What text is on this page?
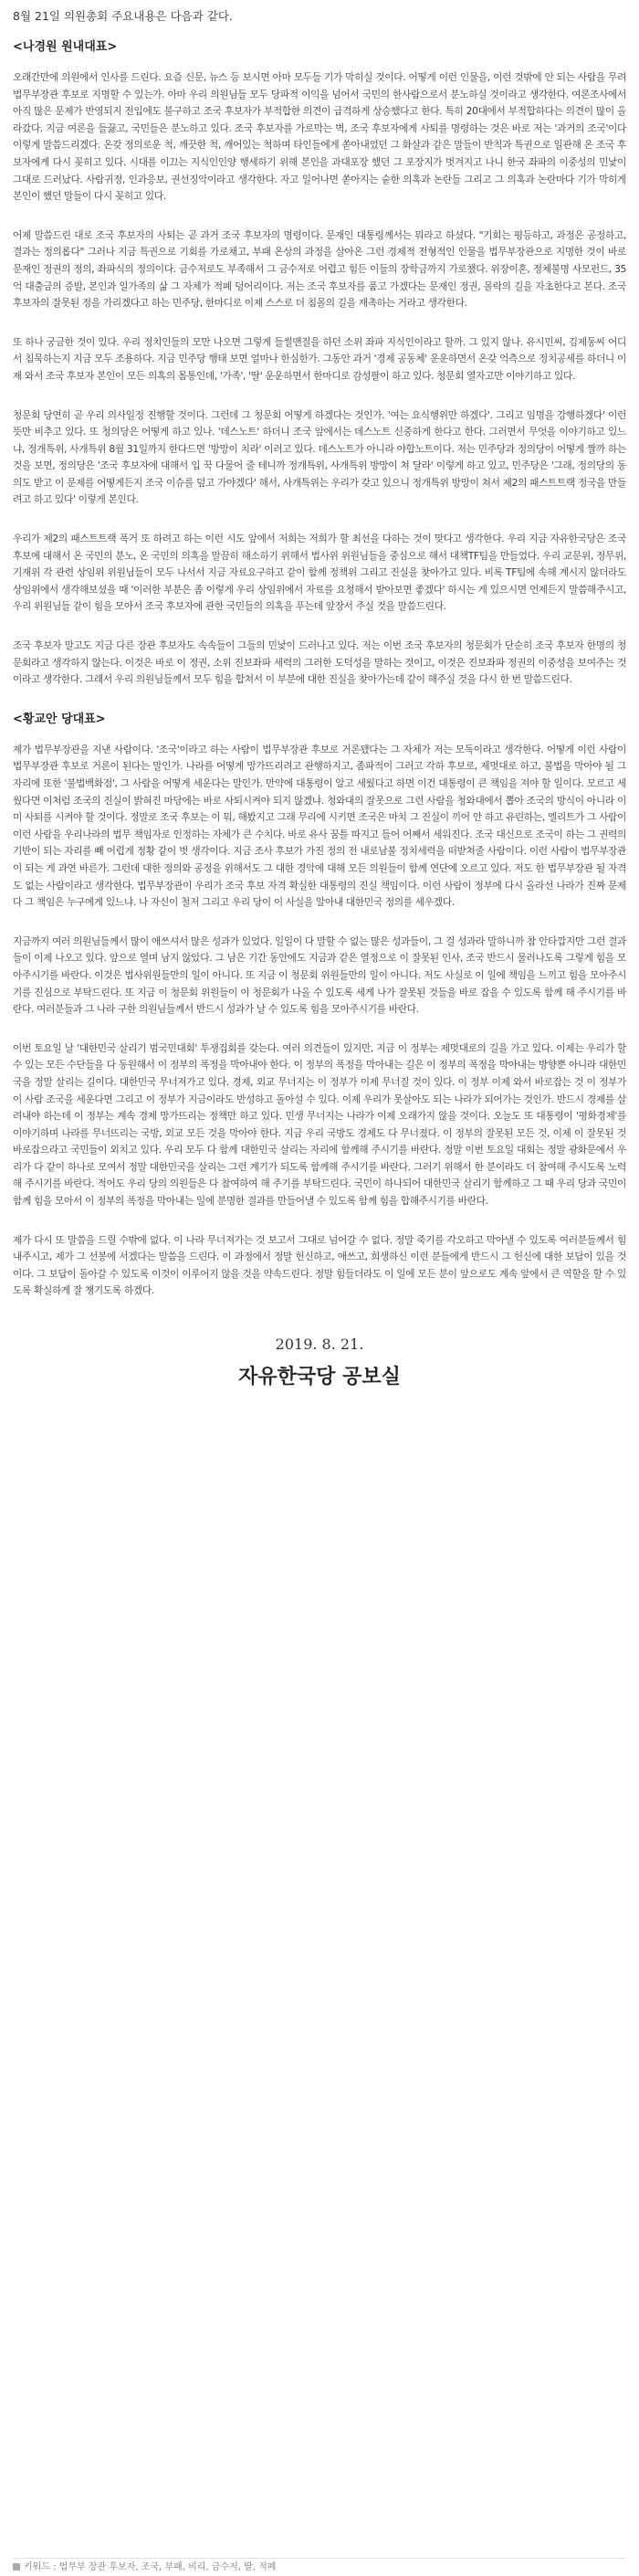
8월 21일 의원총회 주요내용은 다음과 같다.

<나경원 원내대표>

오래간만에 의원에서 인사를 드린다. 요즘 신문, 뉴스 등 보시면 아마 모두들 기가 막히실 것이다. 어떻게 이런 인물을, 이런 것밖에 안 되는 사람을 무려 법무부장관 후보로 지명할 수 있는가. 아마 우리 의원님들 모두 당파적 이익을 넘어서 국민의 한사람으로서 분노하실 것이라고 생각한다. 여론조사에서 아직 많은 문제가 반영되지 전입에도 불구하고 조국 후보자가 부적합한 의견이 급격하게 상승했다고 한다. 특히 20대에서 부적합하다는 의견이 많이 올라갔다. 지금 여론을 들끓고, 국민들은 분노하고 있다. 조국 후보자를 가로막는 벽, 조국 후보자에게 사퇴를 명령하는 것은 바로 저는 '과거의 조국'이다 이렇게 말씀드리겠다. 온갖 정의로운 척, 깨끗한 척, 깨어있는 척하며 타인들에게 쏟아내었던 그 화살과 같은 말들이 반칙과 특권으로 일관해 온 조국 후보자에게 다시 꽂히고 있다. 시대를 이끄는 지식인인양 행세하기 위해 본인을 과대포장 했던 그 포장지가 벗겨지고 나니 한국 좌파의 이중성의 민낯이 그대로 드러났다. 사람귀정, 인과응보, 권선징악이라고 생각한다. 자고 일어나면 쏟아지는 숱한 의혹과 논란들 그리고 그 의혹과 논란마다 기가 막히게 본인이 했던 말들이 다시 꽂히고 있다.

어제 말씀드린 대로 조국 후보자의 사퇴는 곧 과거 조국 후보자의 명령이다. 문재인 대통령께서는 뭐라고 하셨다. "기회는 평등하고, 과정은 공정하고, 결과는 정의롭다" 그러나 지금 특권으로 기회를 가로채고, 부패 온상의 과정을 살아온 그런 경제적 전형적인 인물을 법무부장관으로 지명한 것이 바로 문재인 정권의 정의, 좌파식의 정의이다. 금수저로도 부족해서 그 금수저로 어렵고 힘든 이들의 장학금까지 가로챘다. 위장이혼, 정체불명 사모펀드, 35억 대출금의 증발, 본인과 일가족의 삶 그 자체가 적폐 덩어리이다. 저는 조국 후보자를 품고 가겠다는 문재인 정권, 몰락의 길을 자초한다고 본다. 조국 후보자의 잘못된 정을 가리겠다고 하는 민주당, 한마디로 이제 스스로 더 침몰의 길을 재촉하는 거라고 생각한다.

또 하나 궁금한 것이 있다. 우리 정치인들의 모만 나오면 그렇게 들썰맨질을 하던 소위 좌파 지식인이라고 할까. 그 있지 않나. 유시민씨, 김제동씨 어디서 침묵하는지 지금 모두 조용하다. 지금 민주당 행태 보면 얼마나 한심한가. 그동안 과거 '경제 공동체' 운운하면서 온갖 억측으로 정치공세를 하더니 이제 와서 조국 후보자 본인이 모든 의혹의 몸통인데, '가족', '딸' 운운하면서 한마디로 감성팔이 하고 있다. 청문회 열자고만 이야기하고 있다.

청문회 당연히 곧 우리 의사일정 진행할 것이다. 그런데 그 청문회 어떻게 하겠다는 것인가. '여는 요식행위만 하겠다'. 그리고 임명을 강행하겠다' 이런 뜻만 비추고 있다. 또 청의당은 어떻게 하고 있나. '데스노트' 하더니 조국 앞에서는 데스노트 신중하게 한다고 한다. 그러면서 무엇을 이야기하고 있느냐, 정개특위, 사개특위 8월 31일까지 한다드면 '방망이 치라' 이러고 있다. 데스노트가 아니라 야합노트이다. 저는 민주당과 정의당이 어떻게 짤까 하는 것을 보면, 정의당은 '조국 후보자에 대해서 입 꾹 다물어 줄 테니까 정개특위, 사개특위 방망이 쳐 달라' 이렇게 하고 있고, 민주당은 '그래, 정의당의 동의도 받고 이 문제를 어떻게든지 조국 이슈를 덮고 가야겠다' 해서, 사개특위는 우리가 갖고 있으니 정개특위 방망이 쳐서 제2의 패스트트랙 정국을 만들려고 하고 있다' 이렇게 본인다.

우리가 제2의 패스트트랙 폭거 또 하려고 하는 이런 시도 앞에서 저희는 저희가 할 최선을 다하는 것이 맞다고 생각한다. 우리 지금 자유한국당은 조국 후보에 대해서 온 국민의 분노, 온 국민의 의혹을 말끔히 해소하기 위해서 법사위 위원님들을 중심으로 해서 대책TF팀을 만들었다. 우리 교문위, 정무위, 기재위 각 관련 상임위 위원님들이 모두 나서서 지금 자료요구하고 같이 함께 정책위 그리고 진실을 찾아가고 있다. 비록 TF팀에 속해 계시지 않더라도 상임위에서 생각해보셨을 때 '이러한 부분은 좀 이렇게 우리 상임위에서 자료를 요청해서 받아보면 좋겠다' 하시는 게 있으시면 언제든지 말씀해주시고, 우리 위원님들 같이 힘을 모아서 조국 후보자에 관한 국민들의 의혹을 푸는데 앞장서 주실 것을 말씀드린다.

조국 후보자 말고도 지금 다른 장관 후보자도 속속들이 그들의 민낯이 드러나고 있다. 저는 이번 조국 후보자의 청문회가 단순히 조국 후보자 한명의 청문회라고 생각하지 않는다. 이것은 바로 이 정권, 소위 진보좌파 세력의 그러한 도덕성을 말하는 것이고, 이것은 진보좌파 정권의 이중성을 보여주는 것이라고 생각한다. 그래서 우리 의원님들께서 모두 힘을 합쳐서 이 부분에 대한 진실을 찾아가는데 같이 해주실 것을 다시 한 번 말씀드린다.

<황교안 당대표>

제가 법무부장관을 지낸 사람이다. '조국'이라고 하는 사람이 법무부장관 후보로 거론됐다는 그 자체가 저는 모독이라고 생각한다. 어떻게 이런 사람이 법무부장관 후보로 거론이 된다는 말인가. 나라를 어떻게 망가뜨리려고 관행하지고, 좀파적이 그러고 각하 후보로, 제멋대로 하고, 불법을 막아야 될 그 자리에 또한 '불법백화점', 그 사람을 어떻게 세운다는 말인가. 만약에 대통령이 알고 세웠다고 하면 이건 대통령이 큰 책임을 져야 할 일이다. 모르고 세웠다면 이처럼 조국의 진실이 밝혀진 마당에는 바로 사퇴시켜야 되지 않겠냐. 청와대의 잘못으로 그런 사람을 청와대에서 뽑아 조국의 방식이 아니라 이미 사퇴를 시켜야 할 것이다. 정말로 조국 후보는 이 뭐, 해봤지고 그래 무리에 시키면 조국은 마치 그 진실이 끼어 안 하고 유린하는, 엘리트가 그 사람이 이런 사람을 우리나라의 법무 책임자로 인정하는 자체가 큰 수치다. 바로 유사 꿈틀 따지고 들어 어째서 세워진다. 조국 대신으로 조국이 하는 그 권력의 기반이 되는 자리를 빼 어렵게 정황 같이 벗 생각이다. 지금 조사 후보가 가진 정의 전 내로남불 정치세력을 떠받쳐줄 사람이다. 이런 사람이 법무부장관이 되는 게 과연 바른가. 그런데 대한 정의와 공정을 위해서도 그 대한 경악에 대해 모든 의원들이 함께 연단에 오르고 있다. 저도 한 법무부장관 될 자격도 없는 사람이라고 생각한다. 법무부장관이 우리가 조국 후보 자격 확실한 대통령의 진실 책임이다. 이런 사람이 정부에 다시 올라선 나라가 진짜 문제다 그 책임은 누구에게 있느냐. 나 자신이 철저 그리고 우리 당이 이 사실을 알아내 대한민국 정의를 세우겠다.

지금까지 여러 의원님들께서 많이 애쓰셔서 많은 성과가 있었다. 일일이 다 말할 수 없는 많은 성과들이, 그 걸 성과라 말하니까 참 안타깝지만 그런 결과들이 이제 나오고 있다. 앞으로 열며 남지 않았다. 그 남은 기간 동안에도 지금과 같은 열정으로 이 잘못된 인사, 조국 반드시 물러나도록 그렇게 힘을 모아주시기를 바란다. 이것은 법사위원들만의 일이 아니다. 또 지금 이 청문회 위원들만의 일이 아니다. 저도 사실로 이 일에 책임을 느끼고 힘을 모아주시기를 진심으로 부탁드린다. 또 지금 이 청문회 위원들이 이 청문회가 나올 수 있도록 세게 나가 잘못된 것들을 바로 잡을 수 있도록 함께 해 주시기를 바란다. 여러분들과 그 나라 구한 의원님들께서 반드시 성과가 날 수 있도록 힘을 모아주시기를 바란다.

이번 토요일 날 '대한민국 살리기 범국민대회' 투쟁집회를 갖는다. 여러 의견들이 있지만, 지금 이 정부는 제멋대로의 길을 가고 있다. 이제는 우리가 할 수 있는 모든 수단들을 다 동원해서 이 정부의 폭정을 막아내야 한다. 이 정부의 폭정을 막아내는 길은 이 정부의 폭정을 막아내는 방향뿐 아니라 대한민국을 정말 살리는 길이다. 대한민국 무너져가고 있다. 경제, 외교 무너지는 이 정부가 이제 무너질 것이 있다. 이 정부 이제 와서 바로잡는 것 이 정부가 이 사람 조국을 세운다면 그리고 이 정부가 지금이라도 반성하고 돌아설 수 있다. 이제 우리가 못살아도 되는 나라가 되어가는 것인가. 반드시 경제를 살려내야 하는데 이 정부는 계속 경제 망가뜨리는 정책만 하고 있다. 민생 무너지는 나라가 이제 오래가지 않을 것이다. 오늘도 또 대통령이 '평화경제'를 이야기하며 나라를 무너뜨리는 국방, 외교 모든 것을 막아야 한다. 지금 우리 국방도 경제도 다 무너졌다. 이 정부의 잘못된 모든 것, 이제 이 잘못된 것 바로잡으라고 국민들이 외치고 있다. 우리 모두 다 함께 대한민국 살리는 자리에 함께해 주시기를 바란다. 정말 이번 토요일 대회는 정말 광화문에서 우리가 다 같이 하나로 모여서 정말 대한민국을 살리는 그런 계기가 되도록 함께해 주시기를 바란다. 그러기 위해서 한 분이라도 더 참여해 주시도록 노력해 주시기를 바란다. 적어도 우리 당의 의원들은 다 참여하여 해 주기를 부탁드린다. 국민이 하나되어 대한민국 살리기 함께하고 그 때 우리 당과 국민이 함께 힘을 모아서 이 정부의 폭정을 막아내는 일에 분명한 결과를 만들어낼 수 있도록 함께 힘을 합해주시기를 바란다.

제가 다시 또 말씀을 드릴 수밖에 없다. 이 나라 무너져가는 것 보고서 그대로 넘어갈 수 없다. 정말 죽기를 각오하고 막아낼 수 있도록 여러분들께서 힘내주시고, 제가 그 선봉에 서겠다는 말씀을 드린다. 이 과정에서 정말 헌신하고, 애쓰고, 희생하신 이런 분들에게 반드시 그 헌신에 대한 보답이 있을 것이다. 그 보답이 돌아갈 수 있도록 이것이 이루어지 않을 것을 약속드린다. 정말 힘들더라도 이 일에 모든 분이 앞으로도 계속 앞에서 큰 역할을 할 수 있도록 확실하게 잘 챙기도록 하겠다.

2019. 8. 21.
자유한국당 공보실
키워드 : 법무부 장관 후보자, 조국, 부패, 비리, 금수저, 딸, 적폐
